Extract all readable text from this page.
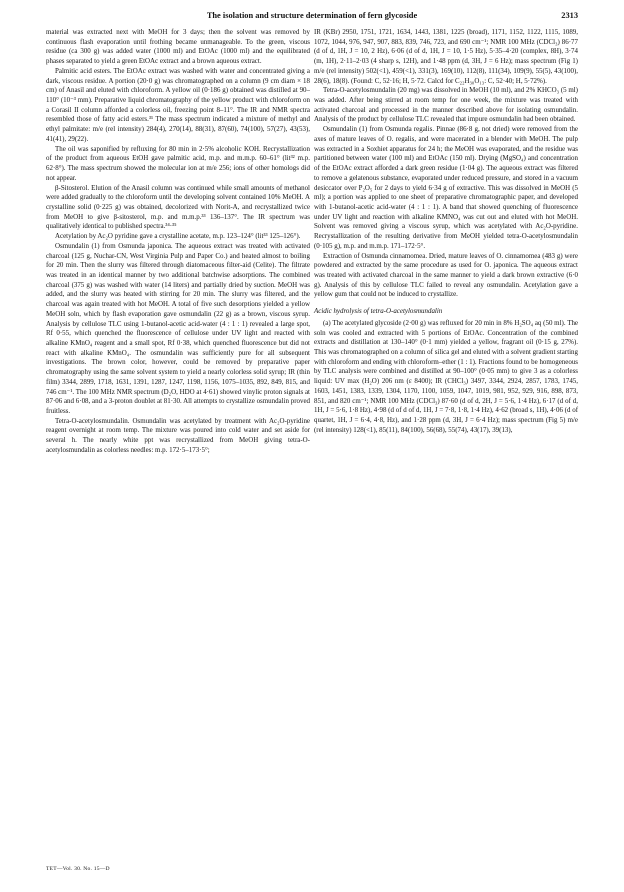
The isolation and structure determination of fern glycoside	2313

material was extracted next with MeOH for 3 days; then the solvent was removed by continuous flash evaporation until frothing became unmanageable. To the green, viscous residue (ca 300 g) was added water (1000 ml) and EtOAc (1000 ml) and the equilibrated phases separated to yield a green EtOAc extract and a brown aqueous extract.

Palmitic acid esters. The EtOAc extract was washed with water and concentrated giving a dark, viscous residue. A portion (20·0 g) was chromatographed on a column (9 cm diam × 18 cm) of Anasil and eluted with chloroform. A yellow oil (0·186 g) obtained was distilled at 90–110° (10⁻³ mm). Preparative liquid chromatography of the yellow product with chloroform on a Corasil II column afforded a colorless oil, freezing point 8–11°. The IR and NMR spectra resembled those of fatty acid esters.³¹ The mass spectrum indicated a mixture of methyl and ethyl palmitate: m/e (rel intensity) 284(4), 270(14), 88(31), 87(60), 74(100), 57(27), 43(53), 41(41), 29(22).

The oil was saponified by refluxing for 80 min in 2·5% alcoholic KOH. Recrystallization of the product from aqueous EtOH gave palmitic acid, m.p. and m.m.p. 60–61° (lit³² m.p. 62·8°). The mass spectrum showed the molecular ion at m/e 256; ions of other homologs did not appear.

β-Sitosterol. Elution of the Anasil column was continued while small amounts of methanol were added gradually to the chloroform until the developing solvent contained 10% MeOH. A crystalline solid (0·225 g) was obtained, decolorized with Norit-A, and recrystallized twice from MeOH to give β-sitosterol, m.p. and m.m.p.³³ 136–137°. The IR spectrum was qualitatively identical to published spectra.³⁴·³⁵

Acetylation by Ac₂O pyridine gave a crystalline acetate, m.p. 123–124° (lit³³ 125–126°).

Osmundalin (1) from Osmunda japonica. The aqueous extract was treated with activated charcoal (125 g, Nuchar-CN, West Virginia Pulp and Paper Co.) and heated almost to boiling for 20 min. Then the slurry was filtered through diatomaceous filter-aid (Celite). The filtrate was treated in an identical manner by two additional batchwise adsorptions. The combined charcoal (375 g) was washed with water (14 liters) and partially dried by suction. MeOH was added, and the slurry was heated with stirring for 20 min. The slurry was filtered, and the charcoal was again treated with hot MeOH. A total of five such desorptions yielded a yellow MeOH soln, which by flash evaporation gave osmundalin (22 g) as a brown, viscous syrup. Analysis by cellulose TLC using 1-butanol-acetic acid-water (4 : 1 : 1) revealed a large spot, Rf 0·55, which quenched the fluorescence of cellulose under UV light and reacted with alkaline KMnO₄ reagent and a small spot, Rf 0·38, which quenched fluorescence but did not react with alkaline KMnO₄. The osmundalin was sufficiently pure for all subsequent investigations. The brown color, however, could be removed by preparative paper chromatography using the same solvent system to yield a nearly colorless solid syrup; IR (thin film) 3344, 2899, 1718, 1631, 1391, 1287, 1247, 1198, 1156, 1075–1035, 892, 849, 815, and 746 cm⁻¹. The 100 MHz NMR spectrum (D₂O, HDO at 4·61) showed vinylic proton signals at 87·06 and 6·08, and a 3-proton doublet at 81·30. All attempts to crystallize osmundalin proved fruitless.

Tetra-O-acetylosmundalin. Osmundalin was acetylated by treatment with Ac₂O-pyridine reagent overnight at room temp. The mixture was poured into cold water and set aside for several h. The nearly white ppt was recrystallized from MeOH giving tetra-O-acetylosmundalin as colorless needles: m.p. 172·5–173·5°;

IR (KBr) 2950, 1751, 1721, 1634, 1443, 1381, 1225 (broad), 1171, 1152, 1122, 1115, 1089, 1072, 1044, 976, 947, 907, 883, 839, 746, 723, and 690 cm⁻¹; NMR 100 MHz (CDCl₃) 86·77 (d of d, 1H, J = 10, 2 Hz), 6·06 (d of d, 1H, J = 10, 1·5 Hz), 5·35–4·20 (complex, 8H), 3·74 (m, 1H), 2·11–2·03 (4 sharp s, 12H), and 1·48 ppm (d, 3H, J = 6 Hz); mass spectrum (Fig 1) m/e (rel intensity) 502(<1), 459(<1), 331(3), 169(10), 112(8), 111(34), 109(9), 55(5), 43(100), 28(6), 18(8). (Found: C, 52·16; H, 5·72. Calcd for C₂₂H₃₀O₁₃: C, 52·40; H, 5·72%).

Tetra-O-acetylosmundalin (20 mg) was dissolved in MeOH (10 ml), and 2% KHCO₃ (5 ml) was added. After being stirred at room temp for one week, the mixture was treated with activated charcoal and processed in the manner described above for isolating osmundalin. Analysis of the product by cellulose TLC revealed that impure osmundalin had been obtained.

Osmundalin (1) from Osmunda regalis. Pinnae (86·8 g, not dried) were removed from the axes of mature leaves of O. regalis, and were macerated in a blender with MeOH. The pulp was extracted in a Soxhiet apparatus for 24 h; the MeOH was evaporated, and the residue was partitioned between water (100 ml) and EtOAc (150 ml). Drying (MgSO₄) and concentration of the EtOAc extract afforded a dark green residue (1·04 g). The aqueous extract was filtered to remove a gelatenous substance, evaporated under reduced pressure, and stored in a vacuum desiccator over P₂O₅ for 2 days to yield 6·34 g of extractive. This was dissolved in MeOH (5 ml); a portion was applied to one sheet of preparative chromatographic paper, and developed with 1-butanol-acetic acid-water (4 : 1 : 1). A band that showed quenching of fluorescence under UV light and reaction with alkaline KMNO₄ was cut out and eluted with hot MeOH. Solvent was removed giving a viscous syrup, which was acetylated with Ac₂O-pyridine. Recrystallization of the resulting derivative from MeOH yielded tetra-O-acetylosmundalin (0·105 g), m.p. and m.m.p. 171–172·5°.

Extraction of Osmunda cinnamomea. Dried, mature leaves of O. cinnamomea (483 g) were powdered and extracted by the same procedure as used for O. japonica. The aqueous extract was treated with activated charcoal in the same manner to yield a dark brown extractive (6·0 g). Analysis of this by cellulose TLC failed to reveal any osmundalin. Acetylation gave a yellow gum that could not be induced to crystallize.

Acidic hydrolysis of tetra-O-acetylosmundalin

(a) The acetylated glycoside (2·00 g) was refluxed for 20 min in 8% H₂SO₄ aq (50 ml). The soln was cooled and extracted with 5 portions of EtOAc. Concentration of the combined extracts and distillation at 130–140° (0·1 mm) yielded a yellow, fragrant oil (0·15 g, 27%). This was chromatographed on a column of silica gel and eluted with a solvent gradient starting with chloroform and ending with chloroform–ether (1 : 1). Fractions found to be homogeneous by TLC analysis were combined and distilled at 90–100° (0·05 mm) to give 3 as a colorless liquid: UV max (H₂O) 206 nm (ε 8400); IR (CHCl₃) 3497, 3344, 2924, 2857, 1783, 1745, 1603, 1451, 1383, 1339, 1304, 1170, 1100, 1059, 1047, 1019, 981, 952, 929, 916, 898, 873, 851, and 820 cm⁻¹; NMR 100 MHz (CDCl₃) 87·60 (d of d, 2H, J = 5·6, 1·4 Hz), 6·17 (d of d, 1H, J = 5·6, 1·8 Hz), 4·98 (d of d of d, 1H, J = 7·8, 1·8, 1·4 Hz), 4·62 (broad s, 1H), 4·06 (d of quartet, 1H, J = 6·4, 4·8, Hz), and 1·28 ppm (d, 3H, J = 6·4 Hz); mass spectrum (Fig 5) m/e (rel intensity) 128(<1), 85(11), 84(100), 56(68), 55(74), 43(17), 39(13),

TET—Vol. 30. No. 15—D
